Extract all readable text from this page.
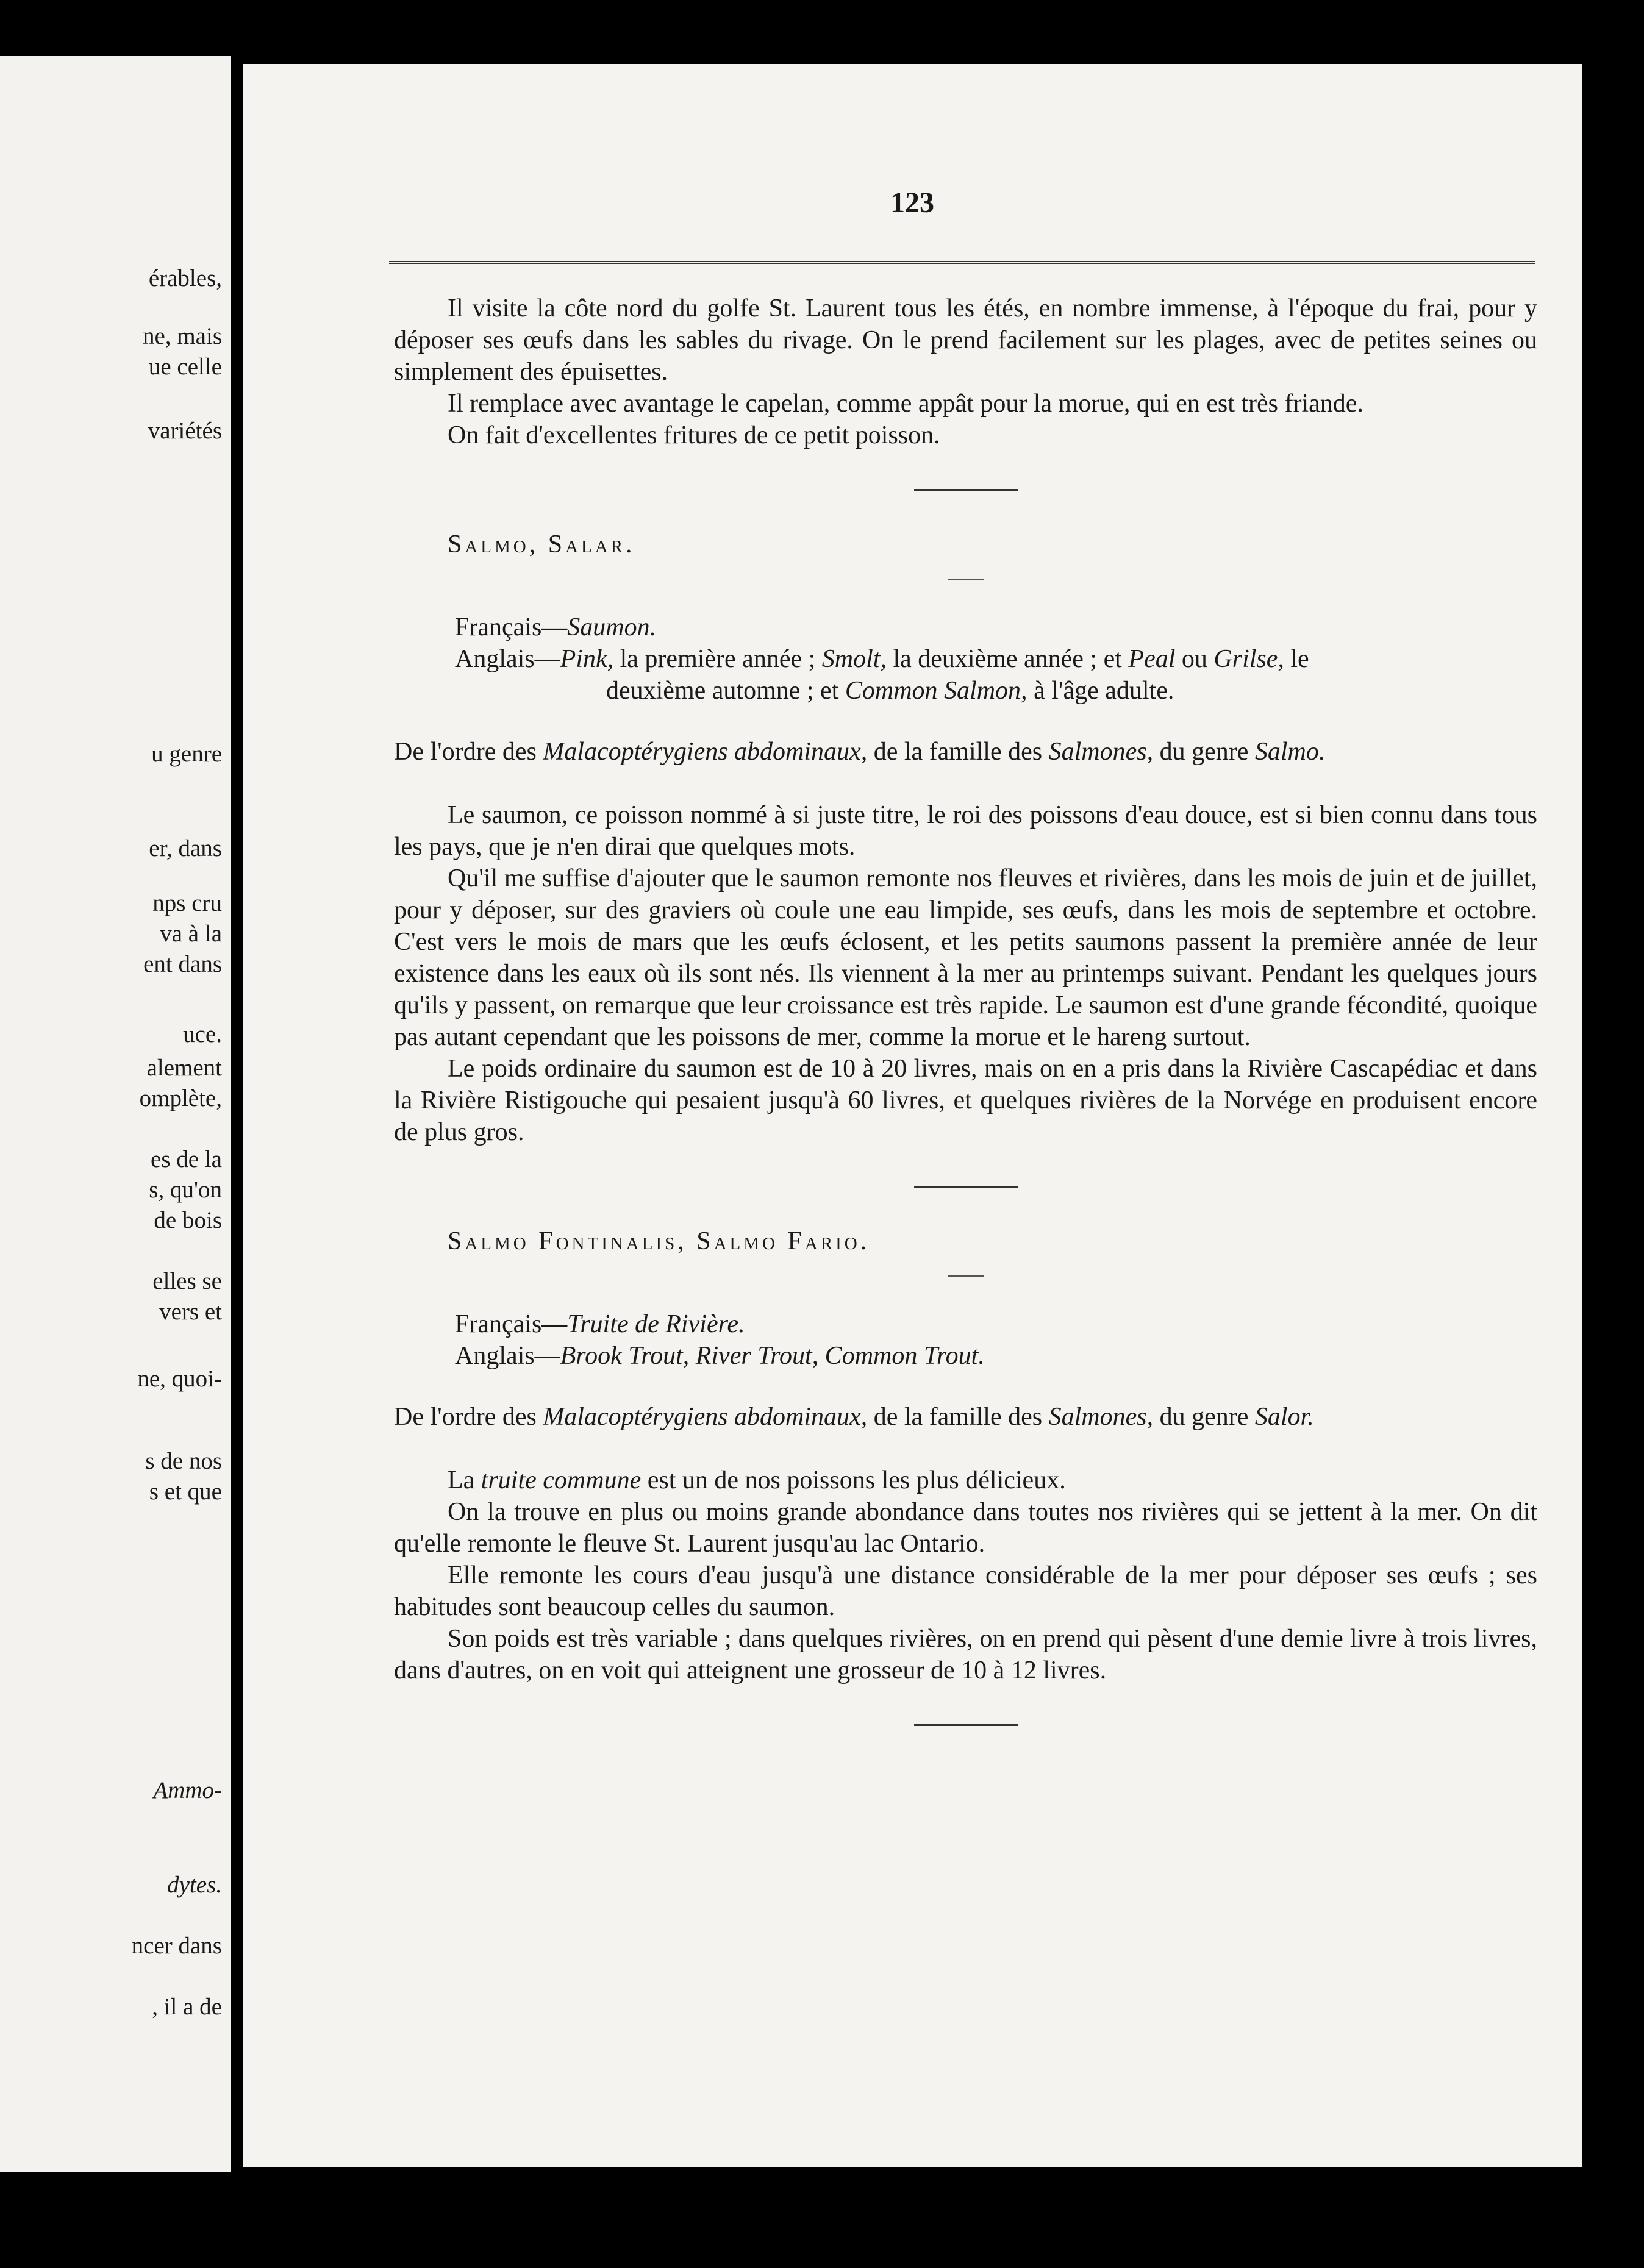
érables,

ne, mais

ue celle

variétés

u genre

er, dans

nps cru

va à la

ent dans

uce.

alement

omplète,

es de la

s, qu'on

de bois

elles se

vers et

ne, quoi-

s de nos

s et que

Ammo-

dytes.

ncer dans

, il a de

123

Il visite la côte nord du golfe St. Laurent tous les étés, en nombre immense, à l'époque du frai, pour y déposer ses œufs dans les sables du rivage. On le prend facilement sur les plages, avec de petites seines ou simplement des épuisettes.

Il remplace avec avantage le capelan, comme appât pour la morue, qui en est très friande.

On fait d'excellentes fritures de ce petit poisson.

Salmo, Salar.

Français—Saumon.

Anglais—Pink, la première année ; Smolt, la deuxième année ; et Peal ou Grilse, le

deuxième automne ; et Common Salmon, à l'âge adulte.

De l'ordre des Malacoptérygiens abdominaux, de la famille des Salmones, du genre Salmo.

Le saumon, ce poisson nommé à si juste titre, le roi des poissons d'eau douce, est si bien connu dans tous les pays, que je n'en dirai que quelques mots.

Qu'il me suffise d'ajouter que le saumon remonte nos fleuves et rivières, dans les mois de juin et de juillet, pour y déposer, sur des graviers où coule une eau limpide, ses œufs, dans les mois de septembre et octobre. C'est vers le mois de mars que les œufs éclosent, et les petits saumons passent la première année de leur existence dans les eaux où ils sont nés. Ils viennent à la mer au printemps suivant. Pendant les quelques jours qu'ils y passent, on remarque que leur croissance est très rapide. Le saumon est d'une grande fécondité, quoique pas autant cependant que les poissons de mer, comme la morue et le hareng surtout.

Le poids ordinaire du saumon est de 10 à 20 livres, mais on en a pris dans la Rivière Cascapédiac et dans la Rivière Ristigouche qui pesaient jusqu'à 60 livres, et quelques rivières de la Norvége en produisent encore de plus gros.

Salmo Fontinalis, Salmo Fario.

Français—Truite de Rivière.

Anglais—Brook Trout, River Trout, Common Trout.

De l'ordre des Malacoptérygiens abdominaux, de la famille des Salmones, du genre Salor.

La truite commune est un de nos poissons les plus délicieux.

On la trouve en plus ou moins grande abondance dans toutes nos rivières qui se jettent à la mer. On dit qu'elle remonte le fleuve St. Laurent jusqu'au lac Ontario.

Elle remonte les cours d'eau jusqu'à une distance considérable de la mer pour déposer ses œufs ; ses habitudes sont beaucoup celles du saumon.

Son poids est très variable ; dans quelques rivières, on en prend qui pèsent d'une demie livre à trois livres, dans d'autres, on en voit qui atteignent une grosseur de 10 à 12 livres.
